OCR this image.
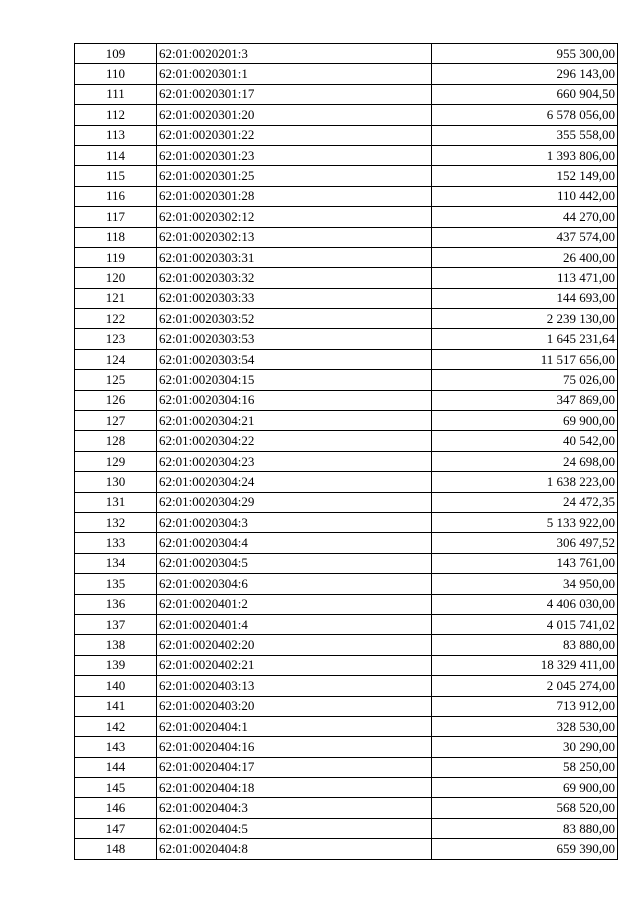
109	62:01:0020201:3	955 300,00
110	62:01:0020301:1	296 143,00
111	62:01:0020301:17	660 904,50
112	62:01:0020301:20	6 578 056,00
113	62:01:0020301:22	355 558,00
114	62:01:0020301:23	1 393 806,00
115	62:01:0020301:25	152 149,00
116	62:01:0020301:28	110 442,00
117	62:01:0020302:12	44 270,00
118	62:01:0020302:13	437 574,00
119	62:01:0020303:31	26 400,00
120	62:01:0020303:32	113 471,00
121	62:01:0020303:33	144 693,00
122	62:01:0020303:52	2 239 130,00
123	62:01:0020303:53	1 645 231,64
124	62:01:0020303:54	11 517 656,00
125	62:01:0020304:15	75 026,00
126	62:01:0020304:16	347 869,00
127	62:01:0020304:21	69 900,00
128	62:01:0020304:22	40 542,00
129	62:01:0020304:23	24 698,00
130	62:01:0020304:24	1 638 223,00
131	62:01:0020304:29	24 472,35
132	62:01:0020304:3	5 133 922,00
133	62:01:0020304:4	306 497,52
134	62:01:0020304:5	143 761,00
135	62:01:0020304:6	34 950,00
136	62:01:0020401:2	4 406 030,00
137	62:01:0020401:4	4 015 741,02
138	62:01:0020402:20	83 880,00
139	62:01:0020402:21	18 329 411,00
140	62:01:0020403:13	2 045 274,00
141	62:01:0020403:20	713 912,00
142	62:01:0020404:1	328 530,00
143	62:01:0020404:16	30 290,00
144	62:01:0020404:17	58 250,00
145	62:01:0020404:18	69 900,00
146	62:01:0020404:3	568 520,00
147	62:01:0020404:5	83 880,00
148	62:01:0020404:8	659 390,00
